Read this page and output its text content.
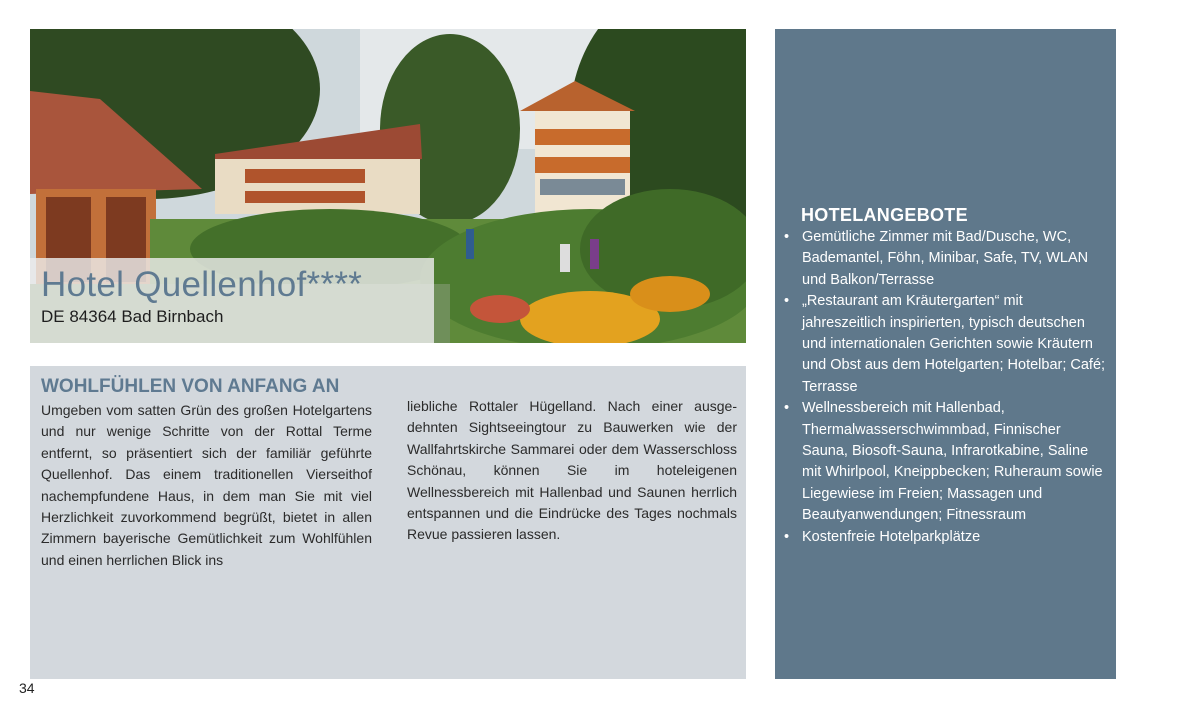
Hotel Quellenhof****
DE 84364 Bad Birnbach
WOHLFÜHLEN VON ANFANG AN

Umgeben vom satten Grün des großen Hotelgartens und nur wenige Schritte von der Rottal Terme entfernt, so präsentiert sich der familiär geführte Quellenhof. Das einem traditionellen Vierseithof nachempfundene Haus, in dem man Sie mit viel Herzlichkeit zuvorkommend begrüßt, bietet in allen Zimmern bayerische Gemütlichkeit zum Wohlfühlen und einen herrlichen Blick ins

liebliche Rottaler Hügelland. Nach einer ausgedehnten Sightseeingtour zu Bauwerken wie der Wallfahrtskirche Sammarei oder dem Wasserschloss Schönau, können Sie im hoteleigenen Wellnessbereich mit Hallenbad und Saunen herrlich entspannen und die Eindrücke des Tages nochmals Revue passieren lassen.

HOTELANGEBOTE
• Gemütliche Zimmer mit Bad/Dusche, WC, Bademantel, Föhn, Minibar, Safe, TV, WLAN und Balkon/Terrasse
• „Restaurant am Kräutergarten“ mit jahreszeitlich inspirierten, typisch deutschen und internationalen Gerichten sowie Kräutern und Obst aus dem Hotelgarten; Hotelbar; Café; Terrasse
• Wellnessbereich mit Hallenbad, Thermalwasserschwimmbad, Finnischer Sauna, Biosoft-Sauna, Infrarotkabine, Saline mit Whirlpool, Kneippbecken; Ruheraum sowie Liegewiese im Freien; Massagen und Beautyanwendungen; Fitnessraum
• Kostenfreie Hotelparkplätze
34
